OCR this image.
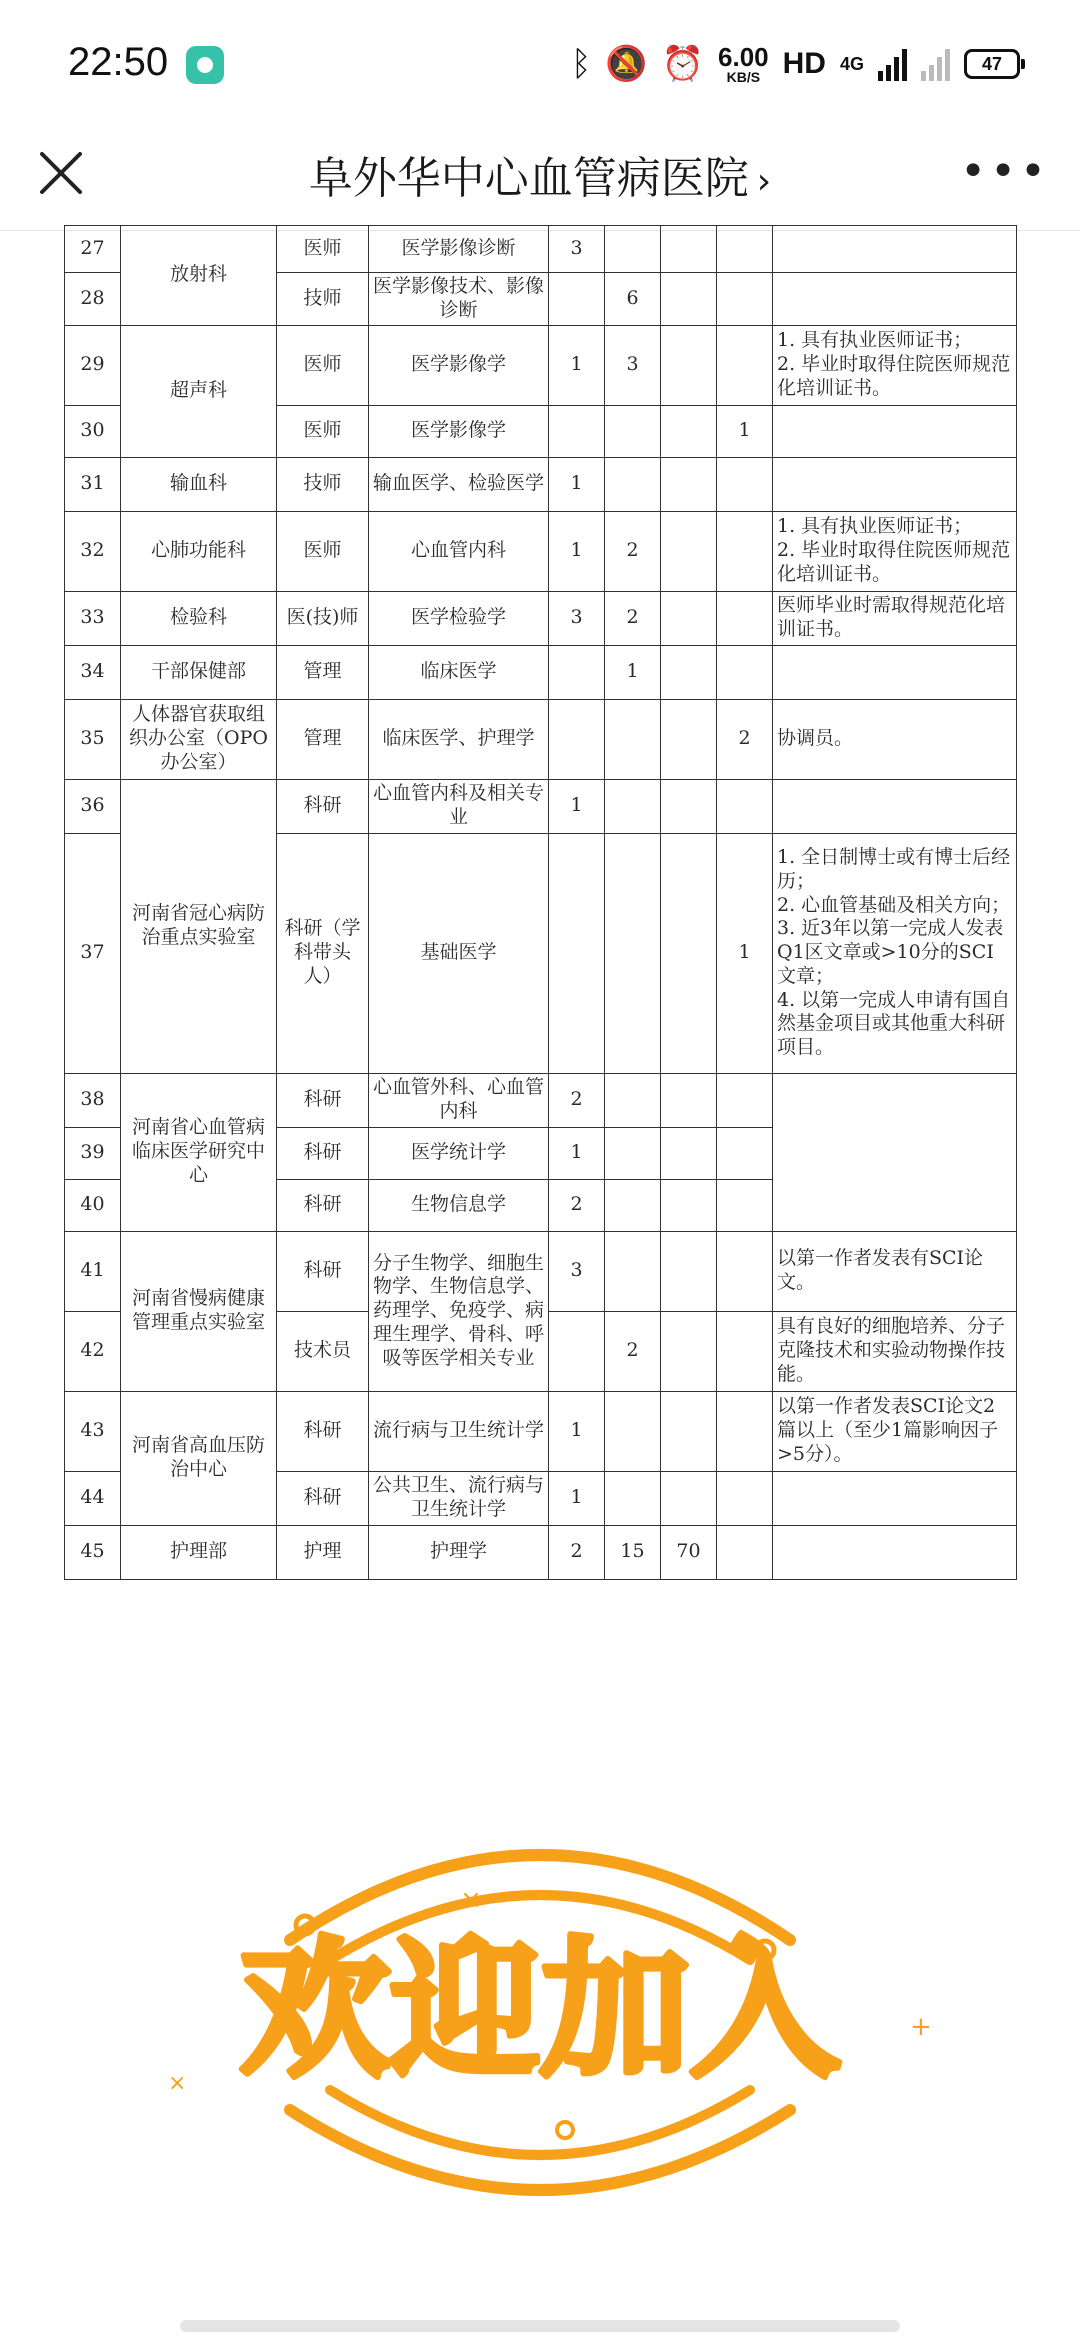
22:50	ᛒ 🔕 ⏰ 6.00
KB/S HD 4G	47
阜外华中心血管病医院 ›	•••
27	放射科	医师	医学影像诊断	3				
28		技师	医学影像技术、影像诊断		6			
29	超声科	医师	医学影像学	1	3			1. 具有执业医师证书；
2. 毕业时取得住院医师规范化培训证书。
30		医师	医学影像学				1	
31	输血科	技师	输血医学、检验医学	1				
32	心肺功能科	医师	心血管内科	1	2			1. 具有执业医师证书；
2. 毕业时取得住院医师规范化培训证书。
33	检验科	医(技)师	医学检验学	3	2			医师毕业时需取得规范化培训证书。
34	干部保健部	管理	临床医学		1			
35	人体器官获取组织办公室（OPO办公室）	管理	临床医学、护理学				2	协调员。
36	河南省冠心病防治重点实验室	科研	心血管内科及相关专业	1				
37		科研（学科带头人）	基础医学				1	1. 全日制博士或有博士后经历；
2. 心血管基础及相关方向；
3. 近3年以第一完成人发表Q1区文章或>10分的SCI文章；
4. 以第一完成人申请有国自然基金项目或其他重大科研项目。
38	河南省心血管病临床医学研究中心	科研	心血管外科、心血管内科	2				
39		科研	医学统计学	1				
40		科研	生物信息学	2				
41	河南省慢病健康管理重点实验室	科研	分子生物学、细胞生物学、生物信息学、药理学、免疫学、病理生理学、骨科、呼吸等医学相关专业	3				以第一作者发表有SCI论文。
42		技术员			2			具有良好的细胞培养、分子克隆技术和实验动物操作技能。
43	河南省高血压防治中心	科研	流行病与卫生统计学	1				以第一作者发表SCI论文2篇以上（至少1篇影响因子>5分）。
44		科研	公共卫生、流行病与卫生统计学	1				
45	护理部	护理	护理学	2	15	70		
×
+
× 欢迎加入
